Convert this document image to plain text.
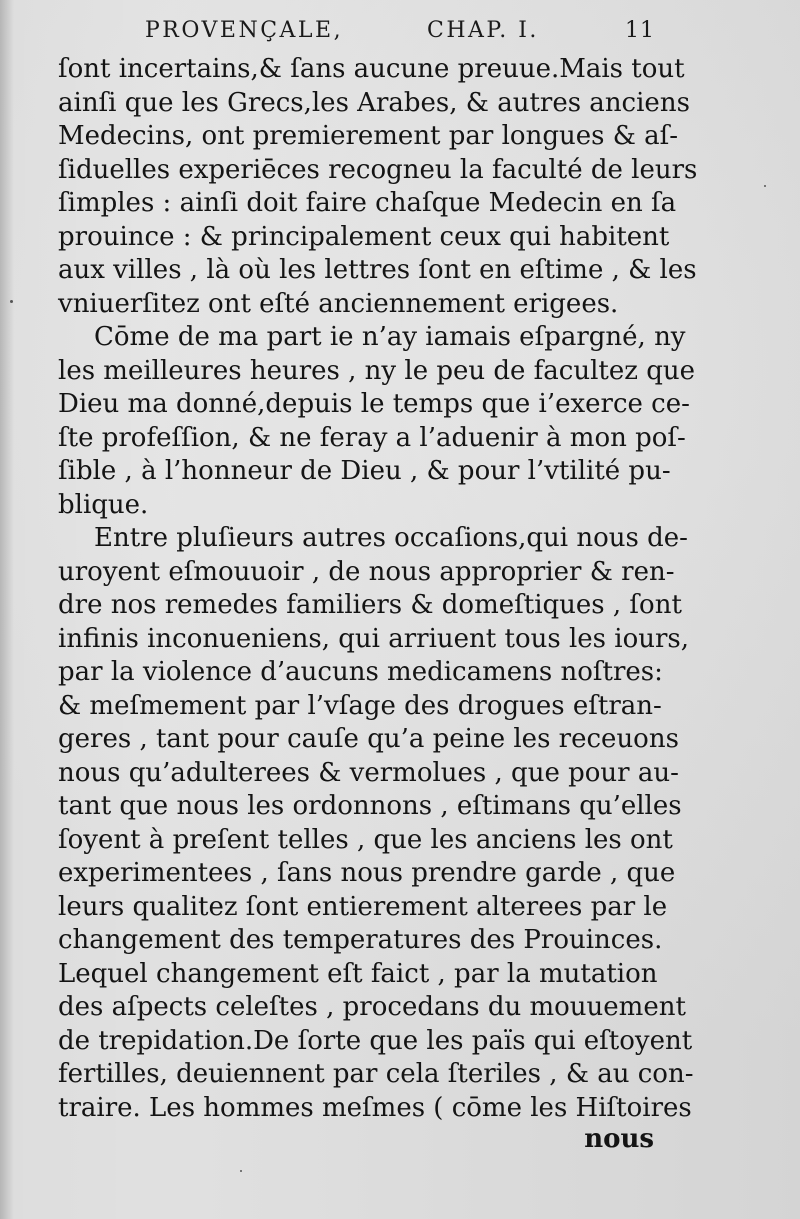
PROVENÇALE,	CHAP. I.	11
ſont incertains,& ſans aucune preuue.Mais tout
ainſi que les Grecs,les Arabes, & autres anciens
Medecins, ont premierement par longues & aſ-
ſiduelles experiēces recogneu la faculté de leurs
ſimples : ainſi doit faire chaſque Medecin en ſa
prouince : & principalement ceux qui habitent
aux villes , là où les lettres ſont en eſtime , & les
vniuerſitez ont eſté anciennement erigees.
Cōme de ma part ie n’ay iamais eſpargné, ny
les meilleures heures , ny le peu de facultez que
Dieu ma donné,depuis le temps que i’exerce ce-
ſte profeſſion, & ne feray a l’aduenir à mon poſ-
ſible , à l’honneur de Dieu , & pour l’vtilité pu-
blique.
Entre pluſieurs autres occaſions,qui nous de-
uroyent eſmouuoir , de nous approprier & ren-
dre nos remedes familiers & domeſtiques , ſont
infinis inconueniens, qui arriuent tous les iours,
par la violence d’aucuns medicamens noſtres:
& meſmement par l’vſage des drogues eſtran-
geres , tant pour cauſe qu’a peine les receuons
nous qu’adulterees & vermolues , que pour au-
tant que nous les ordonnons , eſtimans qu’elles
ſoyent à preſent telles , que les anciens les ont
experimentees , ſans nous prendre garde , que
leurs qualitez ſont entierement alterees par le
changement des temperatures des Prouinces.
Lequel changement eſt faict , par la mutation
des aſpects celeſtes , procedans du mouuement
de trepidation.De ſorte que les païs qui eſtoyent
fertilles, deuiennent par cela ſteriles , & au con-
traire. Les hommes meſmes ( cōme les Hiſtoires
nous
